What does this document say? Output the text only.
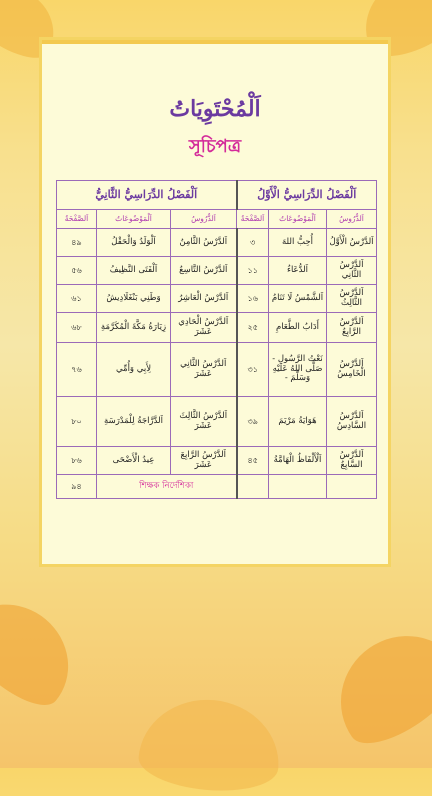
اَلْمُحْتَوِيَاتُ
সূচিপত্র
اَلْفَصْلُ الدِّرَاسِيُّ الْأَوَّلُ			اَلْفَصْلُ الدِّرَاسِيُّ الثَّانِيُّ		
اَلدُّرُوسُ	اَلْمَوْضُوعَاتُ	اَلصَّفْحَةُ	اَلدُّرُوسُ	اَلْمَوْضُوعَاتُ	اَلصَّفْحَةُ
اَلدَّرْسُ الْأَوَّلُ	أُحِبُّ اللهَ	৩	اَلدَّرْسُ الثَّامِنُ	اَلْوَلَدُ وَالْحَقْلُ	৪৯
اَلدَّرْسُ الثَّانِي	اَلدُّعَاءُ	১১	اَلدَّرْسُ التَّاسِعُ	اَلْفَتَى النَّظِيفُ	৫৬
اَلدَّرْسُ الثَّالِثُ	اَلشَّمْسُ لَا تَنَامُ	১৬	اَلدَّرْسُ الْعَاشِرُ	وَطَنِي بَنْغَلَادِيشُ	৬১
اَلدَّرْسُ الرَّابِعُ	أَدَابُ الطَّعَامِ	২৫	اَلدَّرْسُ الْحَادِي عَشَرَ	زِيَارَةُ مَكَّةَ الْمُكَرَّمَةِ	৬৮
اَلدَّرْسُ الْخَامِسُ	نَعْتُ الرَّسُولِ - صَلَّى اللهُ عَلَيْهِ وَسَلَّمَ -	৩১	اَلدَّرْسُ الثَّانِي عَشَرَ	لِأَبِي وَأُمِّي	৭৬
اَلدَّرْسُ السَّادِسُ	هَوَايَةُ مَرْيَمَ	৩৯	اَلدَّرْسُ الثَّالِثَ عَشَرَ	اَلدَّرَّاجَةُ لِلْمَدْرَسَةِ	৮০
اَلدَّرْسُ السَّابِعُ	اَلْأَلْفَاظُ الْهَامَّةُ	৪৫	اَلدَّرْسُ الرَّابِعَ عَشَرَ	عِيدُ الْأَضْحَى	৮৬
			শিক্ষক নির্দেশিকা		৯৪
